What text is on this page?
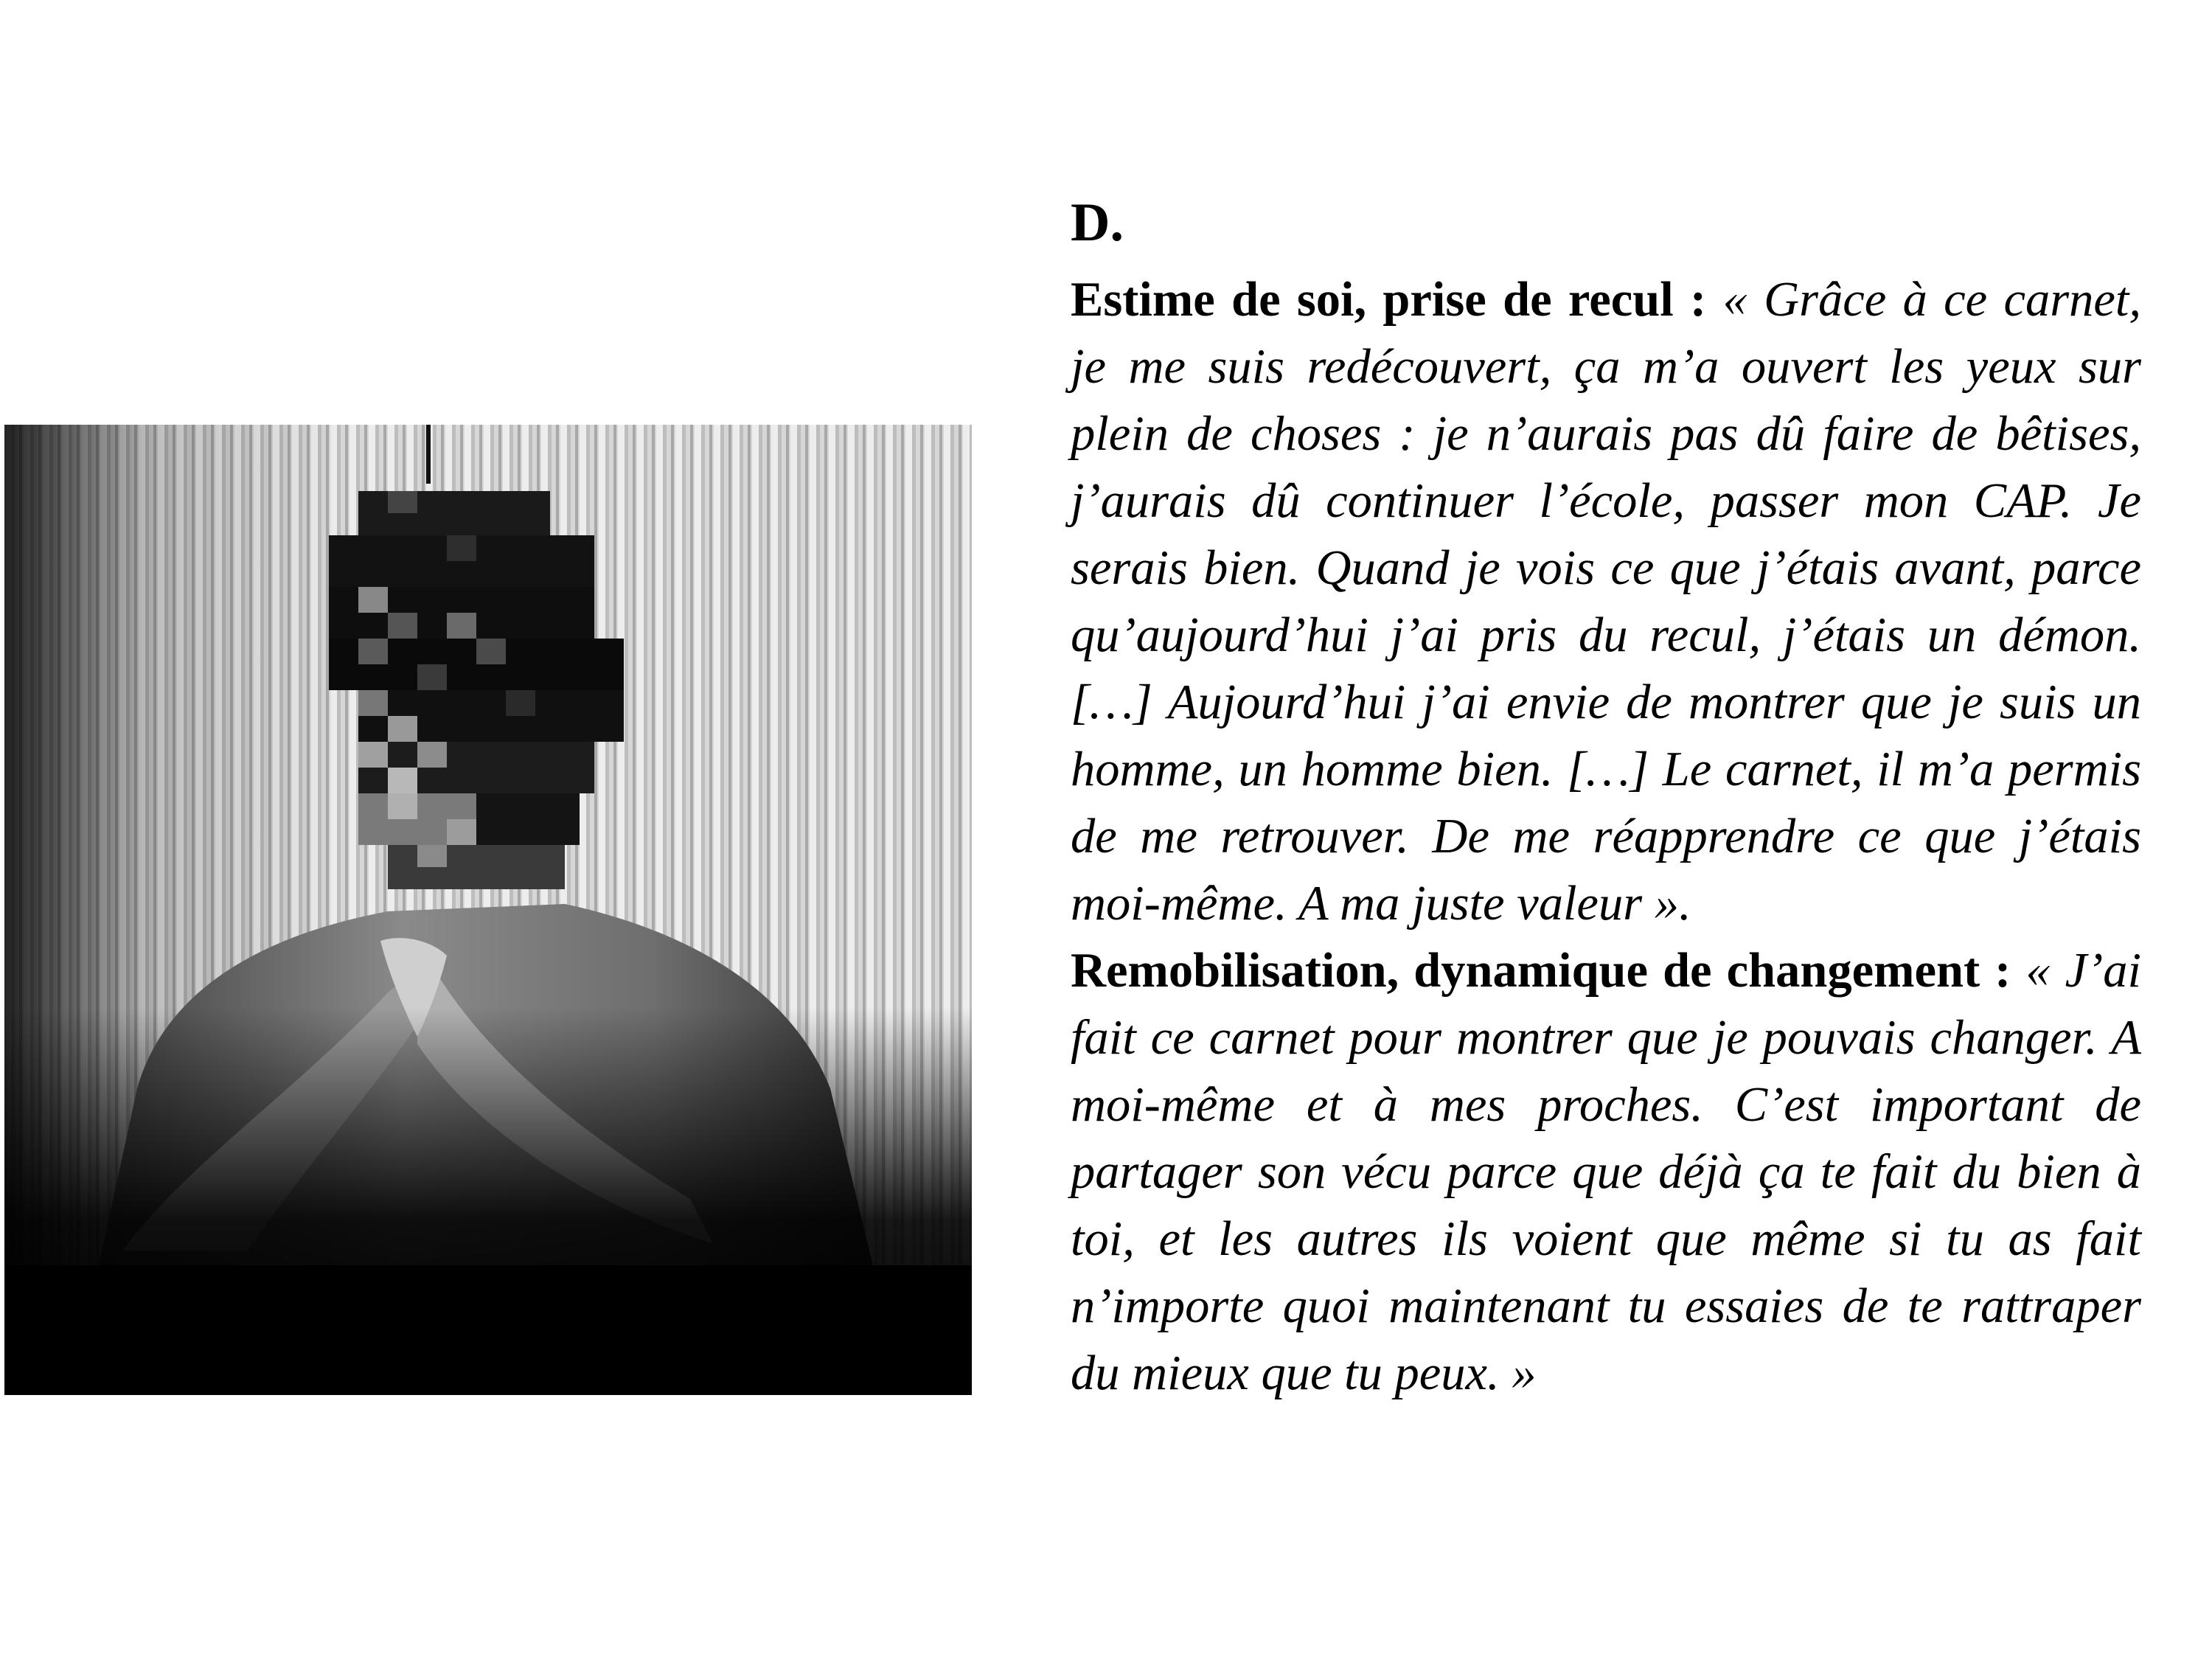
D.

Estime de soi, prise de recul : « Grâce à ce carnet, je me suis redécouvert, ça m’a ouvert les yeux sur plein de choses : je n’aurais pas dû faire de bêtises, j’aurais dû continuer l’école, passer mon CAP. Je serais bien. Quand je vois ce que j’étais avant, parce qu’aujourd’hui j’ai pris du recul, j’étais un démon. […] Aujourd’hui j’ai envie de montrer que je suis un homme, un homme bien. […] Le carnet, il m’a permis de me retrouver. De me réapprendre ce que j’étais moi-même. A ma juste valeur ».

Remobilisation, dynamique de changement : « J’ai fait ce carnet pour montrer que je pouvais changer. A moi-même et à mes proches. C’est important de partager son vécu parce que déjà ça te fait du bien à toi, et les autres ils voient que même si tu as fait n’importe quoi maintenant tu essaies de te rattraper du mieux que tu peux. »
